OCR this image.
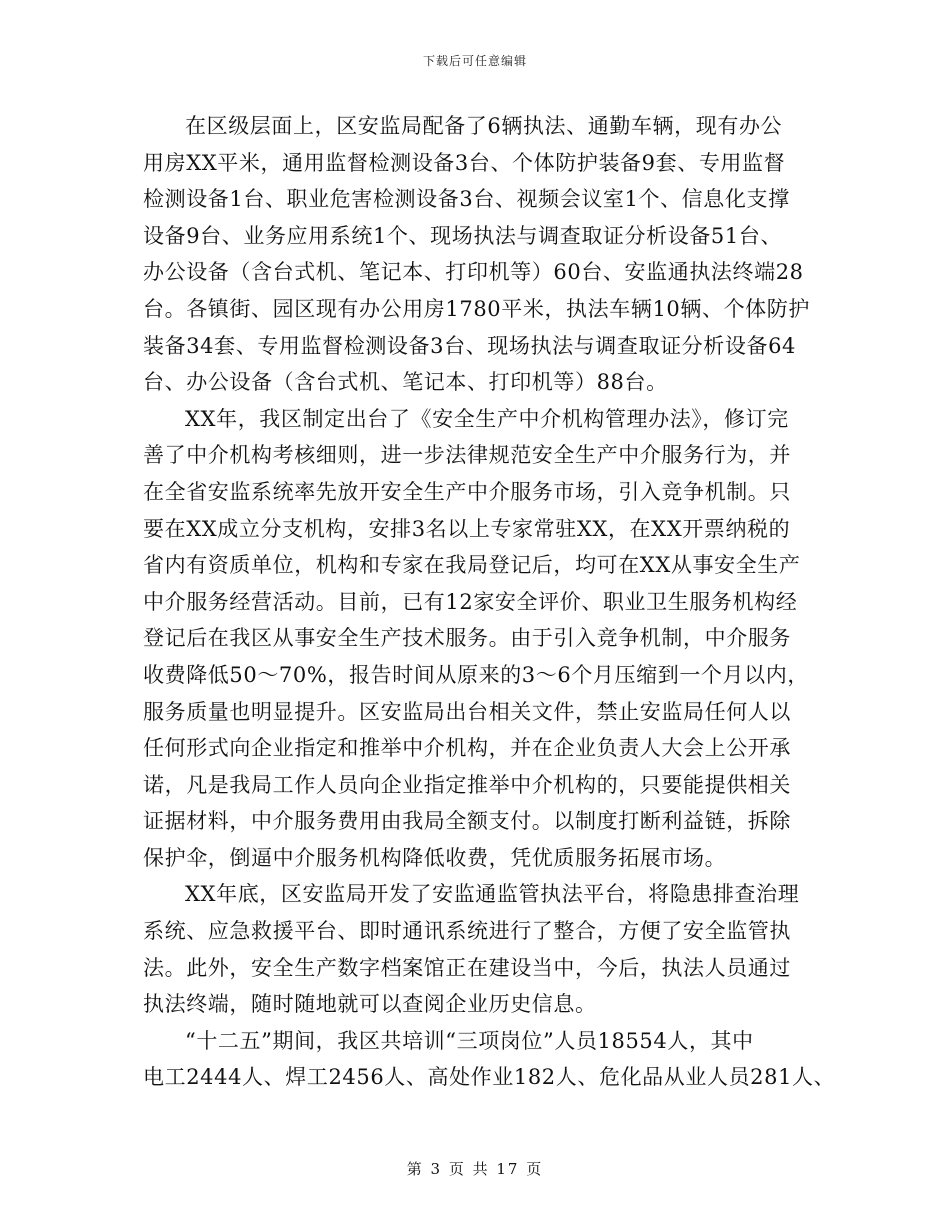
下载后可任意编辑
在区级层面上，区安监局配备了6辆执法、通勤车辆，现有办公
用房XX平米，通用监督检测设备3台、个体防护装备9套、专用监督
检测设备1台、职业危害检测设备3台、视频会议室1个、信息化支撑
设备9台、业务应用系统1个、现场执法与调查取证分析设备51台、
办公设备（含台式机、笔记本、打印机等）60台、安监通执法终端28
台。各镇街、园区现有办公用房1780平米，执法车辆10辆、个体防护
装备34套、专用监督检测设备3台、现场执法与调查取证分析设备64
台、办公设备（含台式机、笔记本、打印机等）88台。
XX年，我区制定出台了《安全生产中介机构管理办法》，修订完
善了中介机构考核细则，进一步法律规范安全生产中介服务行为，并
在全省安监系统率先放开安全生产中介服务市场，引入竞争机制。只
要在XX成立分支机构，安排3名以上专家常驻XX，在XX开票纳税的
省内有资质单位，机构和专家在我局登记后，均可在XX从事安全生产
中介服务经营活动。目前，已有12家安全评价、职业卫生服务机构经
登记后在我区从事安全生产技术服务。由于引入竞争机制，中介服务
收费降低50～70%，报告时间从原来的3～6个月压缩到一个月以内，
服务质量也明显提升。区安监局出台相关文件，禁止安监局任何人以
任何形式向企业指定和推举中介机构，并在企业负责人大会上公开承
诺，凡是我局工作人员向企业指定推举中介机构的，只要能提供相关
证据材料，中介服务费用由我局全额支付。以制度打断利益链，拆除
保护伞，倒逼中介服务机构降低收费，凭优质服务拓展市场。
XX年底，区安监局开发了安监通监管执法平台，将隐患排查治理
系统、应急救援平台、即时通讯系统进行了整合，方便了安全监管执
法。此外，安全生产数字档案馆正在建设当中，今后，执法人员通过
执法终端，随时随地就可以查阅企业历史信息。
“十二五”期间，我区共培训“三项岗位”人员18554人，其中
电工2444人、焊工2456人、高处作业182人、危化品从业人员281人、
第 3 页 共 17 页
